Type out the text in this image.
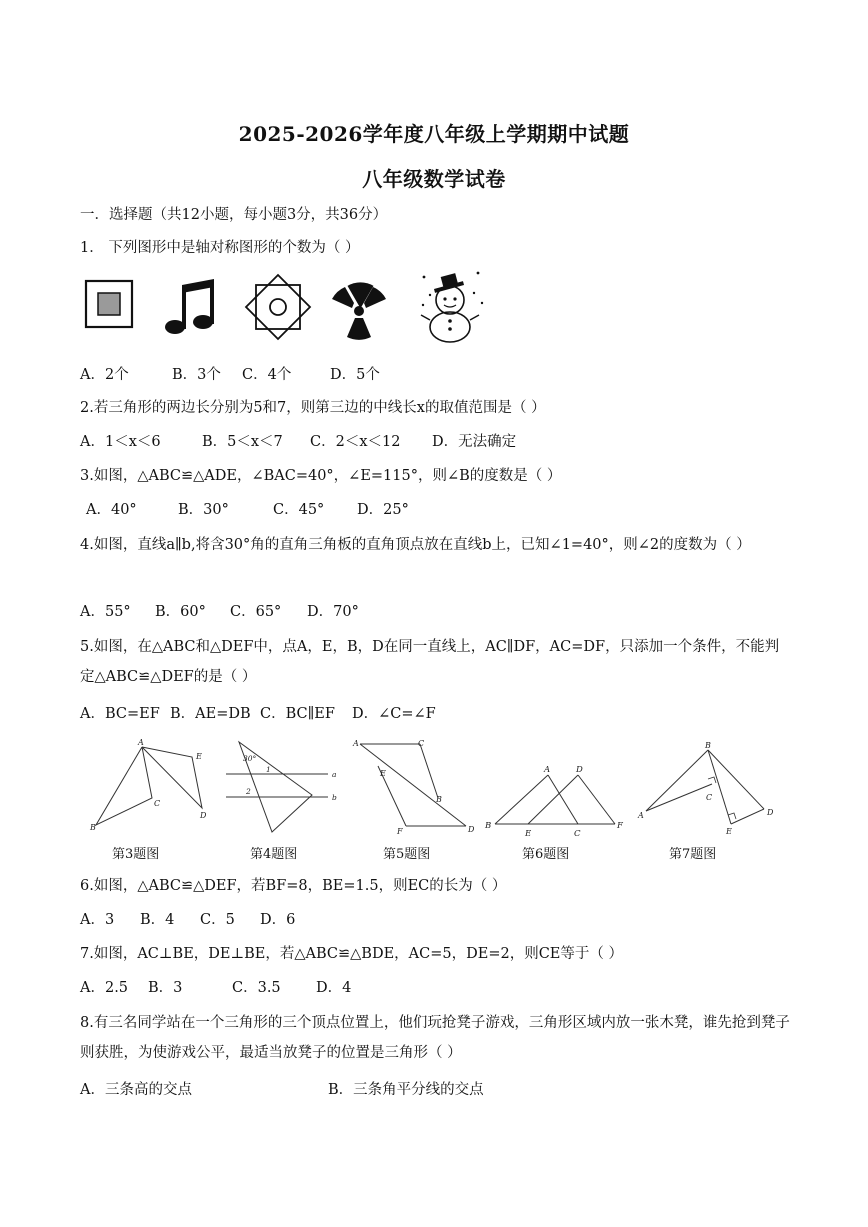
2025-2026学年度八年级上学期期中试题
八年级数学试卷
一．选择题（共12小题，每小题3分，共36分）
1． 下列图形中是轴对称图形的个数为（ ）
A．2个	B．3个 C．4个	D．5个
2.若三角形的两边长分别为5和7，则第三边的中线长x的取值范围是（ ）
A．1＜x＜6	B．5＜x＜7 C．2＜x＜12 D．无法确定
3.如图，△ABC≌△ADE，∠BAC=40°，∠E=115°，则∠B的度数是（ ）
A．40°	B．30°	C．45° D．25°
4.如图，直线a∥b,将含30°角的直角三角板的直角顶点放在直线b上，已知∠1=40°，则∠2的度数为（ ）
A．55° B．60° C．65° D．70°
5.如图，在△ABC和△DEF中，点A，E，B，D在同一直线上，AC∥DF，AC=DF，只添加一个条件，不能判定△ABC≌△DEF的是（ ）
A．BC=EF B．AE=DB C．BC∥EF D．∠C=∠F
A
E
C
B
D
30°
1
2
a
b
A	C
E
B
F	D B
A	D
E	C
F
B
C
A
E
D
第3题图	第4题图	第5题图	第6题图	第7题图
6.如图，△ABC≌△DEF，若BF=8，BE=1.5，则EC的长为（ ）
A．3 B．4 C．5 D．6
7.如图，AC⊥BE，DE⊥BE，若△ABC≌△BDE，AC=5，DE=2，则CE等于（ ）
A．2.5 B．3	C．3.5 D．4
8.有三名同学站在一个三角形的三个顶点位置上，他们玩抢凳子游戏，三角形区域内放一张木凳，谁先抢到凳子则获胜，为使游戏公平，最适当放凳子的位置是三角形（ ）
A．三条高的交点	B．三条角平分线的交点
